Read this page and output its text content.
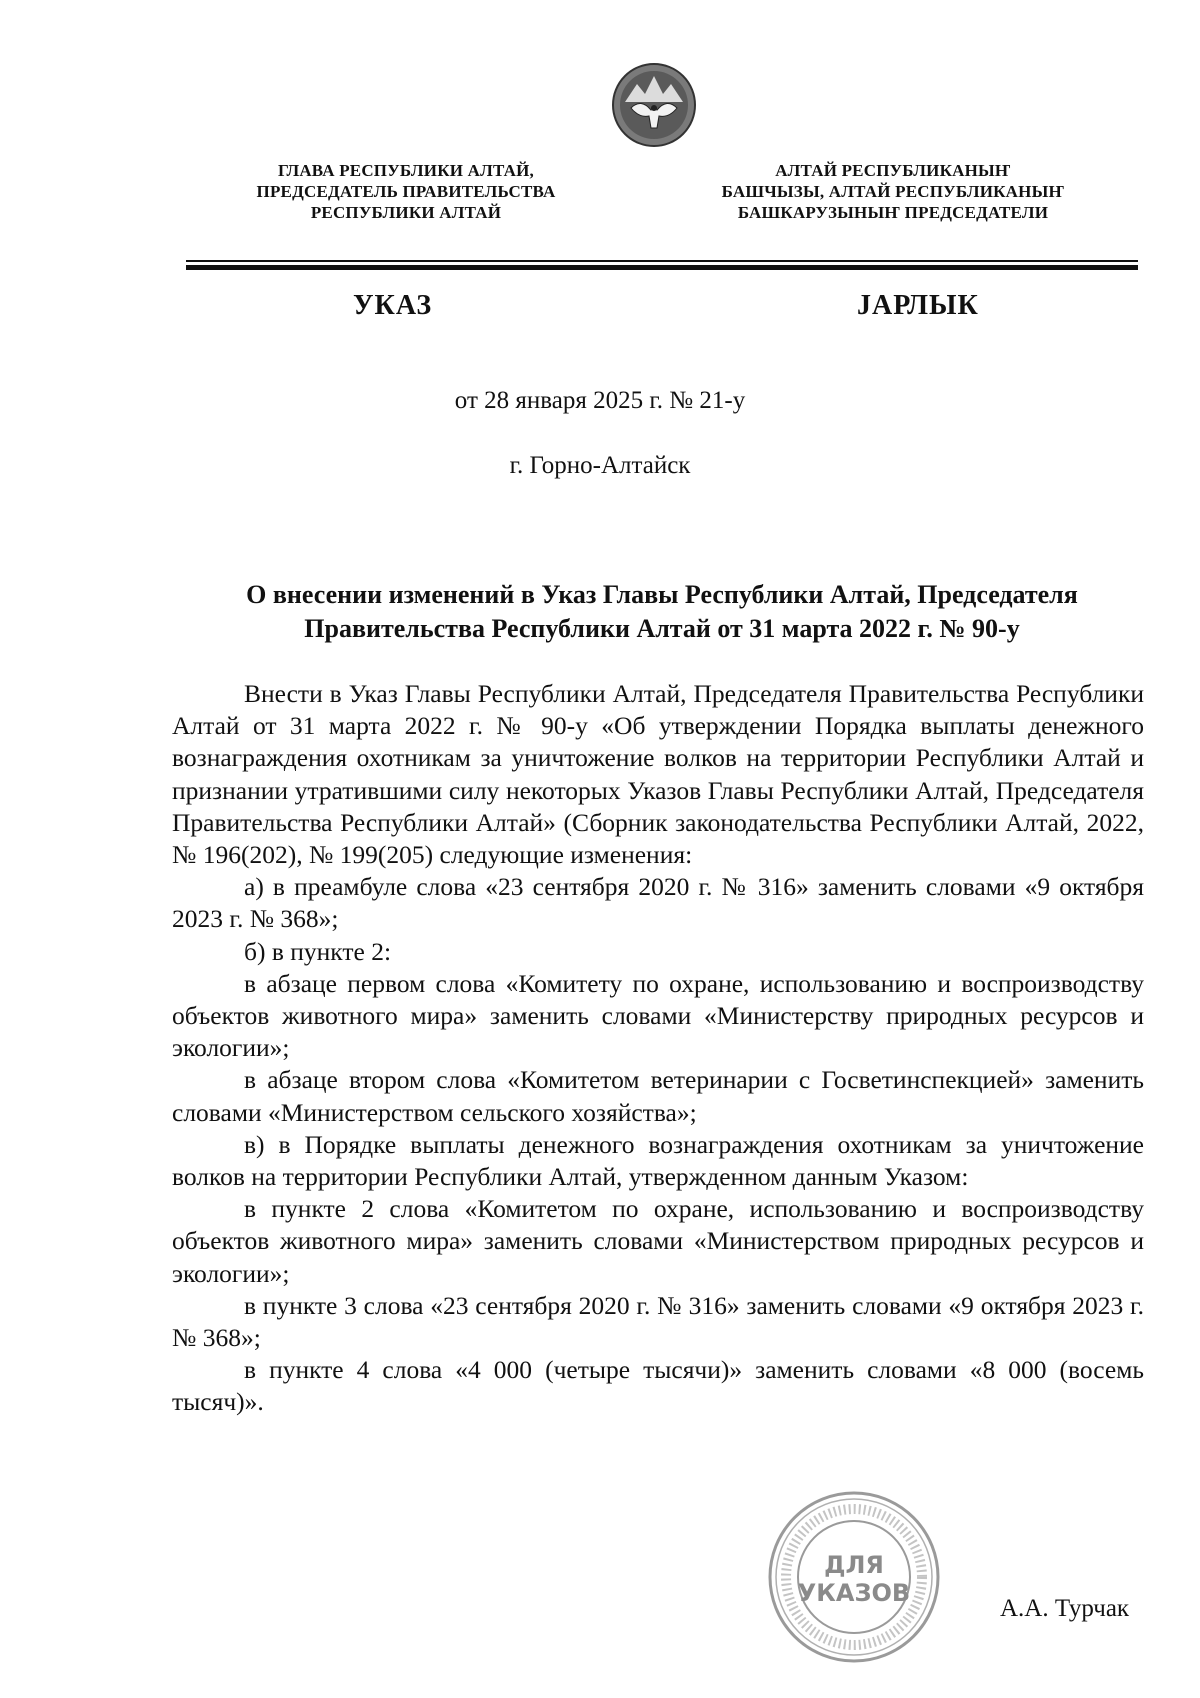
ГЛАВА РЕСПУБЛИКИ АЛТАЙ,
ПРЕДСЕДАТЕЛЬ ПРАВИТЕЛЬСТВА
РЕСПУБЛИКИ АЛТАЙ
АЛТАЙ РЕСПУБЛИКАНЫҤ
БАШЧЫЗЫ, АЛТАЙ РЕСПУБЛИКАНЫҤ
БАШКАРУЗЫНЫҤ ПРЕДСЕДАТЕЛИ
УКАЗ	ЈАРЛЫК
от 28 января 2025 г. № 21-у
г. Горно-Алтайск
О внесении изменений в Указ Главы Республики Алтай, Председателя
Правительства Республики Алтай от 31 марта 2022 г. № 90-у

Внести в Указ Главы Республики Алтай, Председателя Правительства Республики Алтай от 31 марта 2022 г. № 90-у «Об утверждении Порядка выплаты денежного вознаграждения охотникам за уничтожение волков на территории Республики Алтай и признании утратившими силу некоторых Указов Главы Республики Алтай, Председателя Правительства Республики Алтай» (Сборник законодательства Республики Алтай, 2022, № 196(202), № 199(205) следующие изменения:

а) в преамбуле слова «23 сентября 2020 г. № 316» заменить словами «9 октября 2023 г. № 368»;

б) в пункте 2:

в абзаце первом слова «Комитету по охране, использованию и воспроизводству объектов животного мира» заменить словами «Министерству природных ресурсов и экологии»;

в абзаце втором слова «Комитетом ветеринарии с Госветинспекцией» заменить словами «Министерством сельского хозяйства»;

в) в Порядке выплаты денежного вознаграждения охотникам за уничтожение волков на территории Республики Алтай, утвержденном данным Указом:

в пункте 2 слова «Комитетом по охране, использованию и воспроизводству объектов животного мира» заменить словами «Министерством природных ресурсов и экологии»;

в пункте 3 слова «23 сентября 2020 г. № 316» заменить словами «9 октября 2023 г. № 368»;

в пункте 4 слова «4 000 (четыре тысячи)» заменить словами «8 000 (восемь тысяч)».

ДЛЯ
УКАЗОВ
А.А. Турчак
